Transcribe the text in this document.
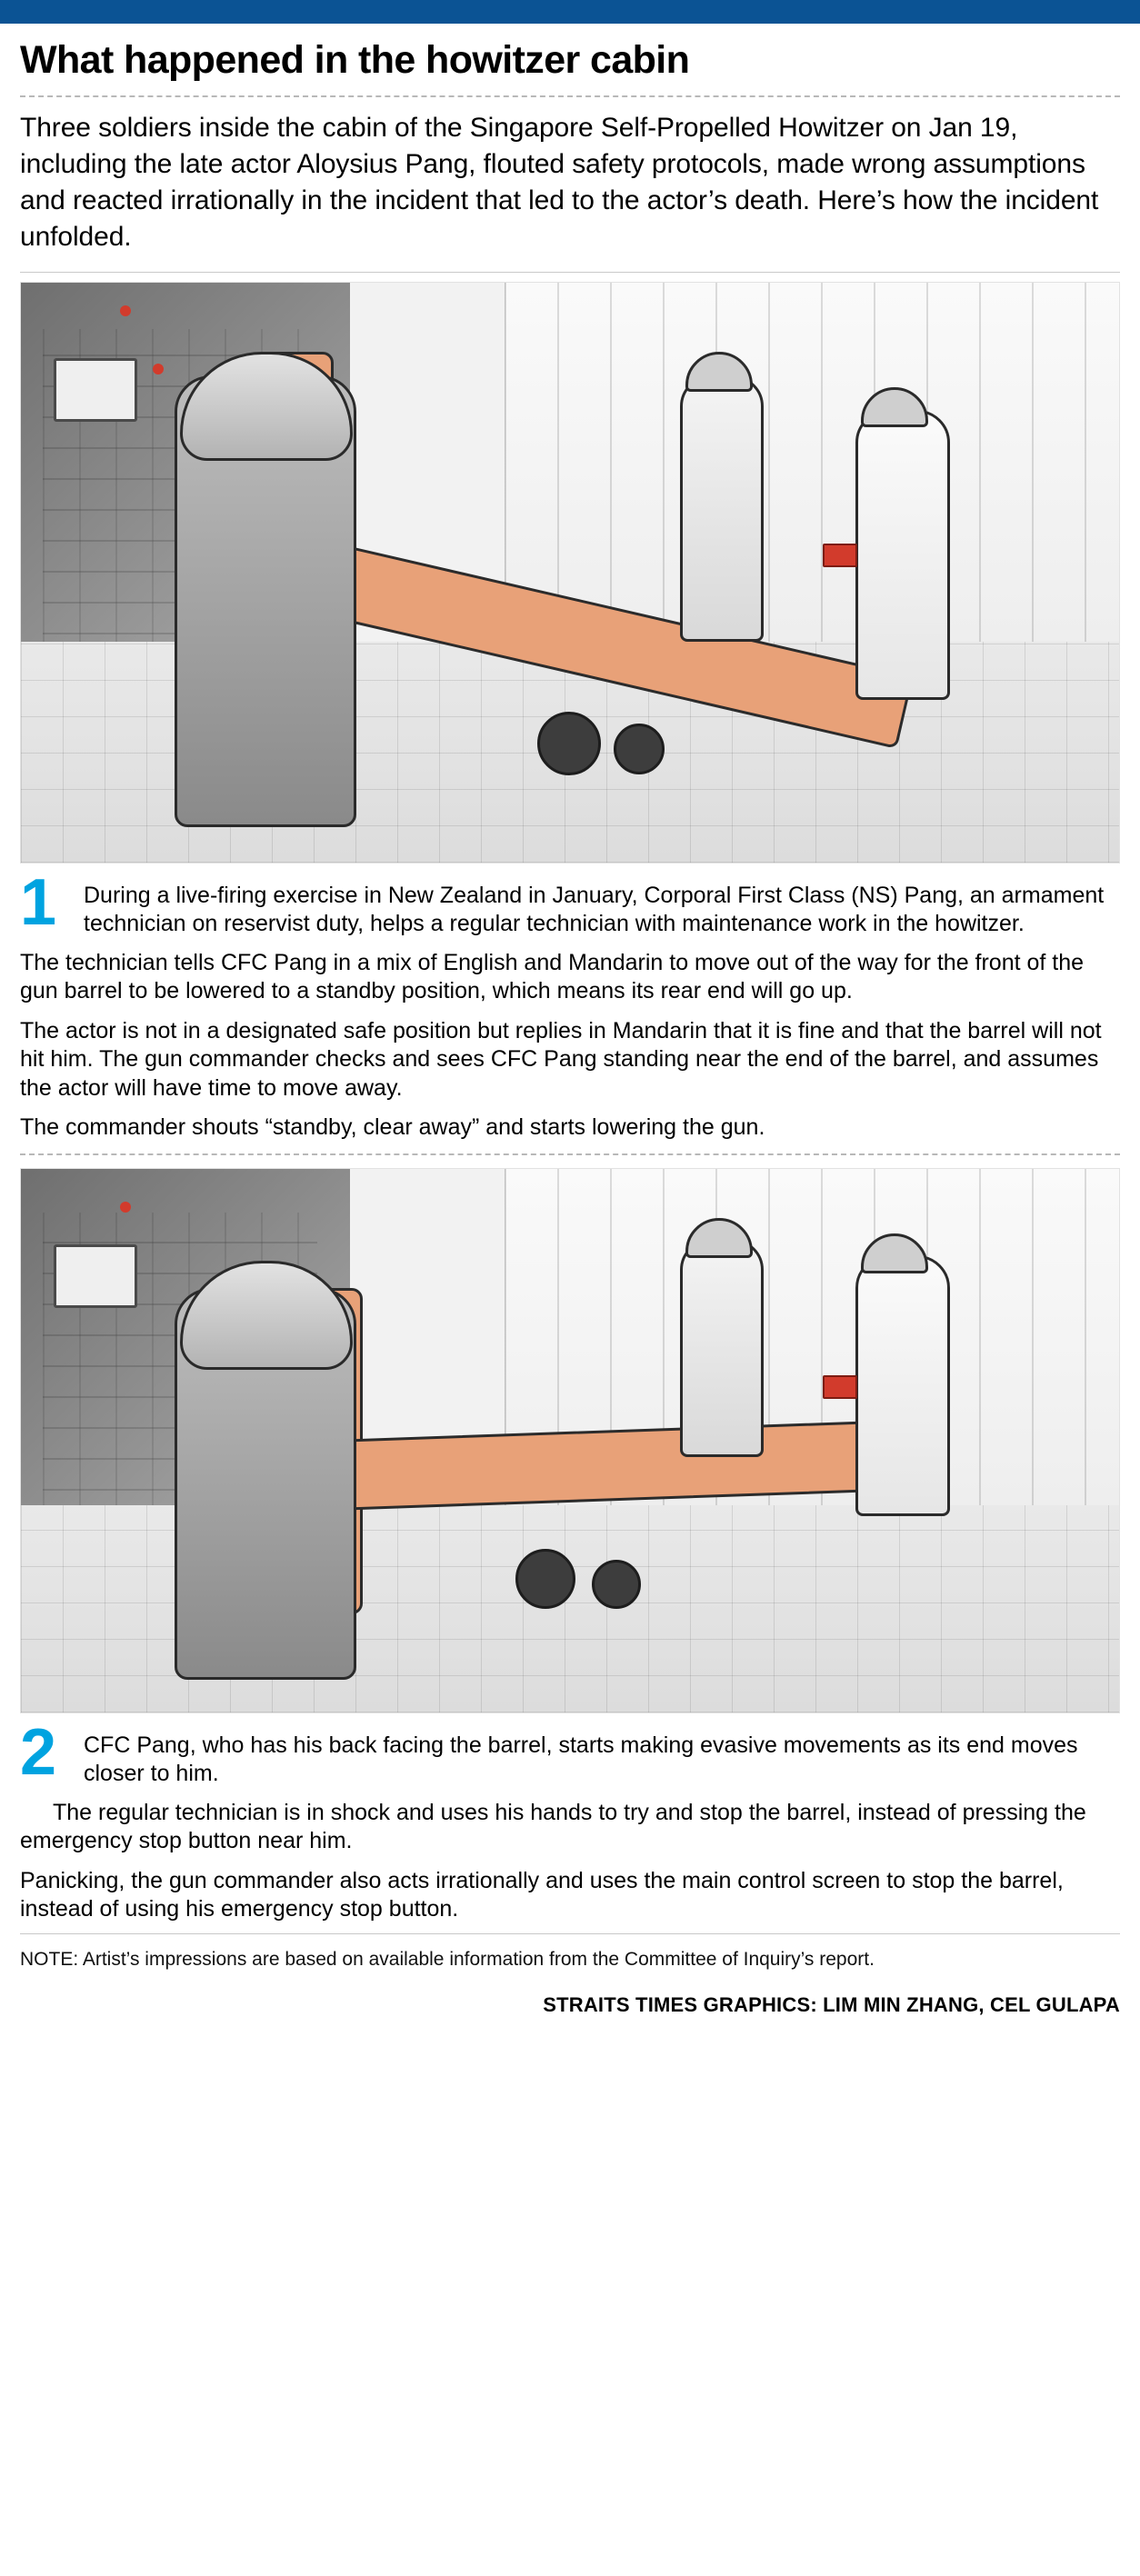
What happened in the howitzer cabin

Three soldiers inside the cabin of the Singapore Self-Propelled Howitzer on Jan 19, including the late actor Aloysius Pang, flouted safety protocols, made wrong assumptions and reacted irrationally in the incident that led to the actor’s death. Here’s how the incident unfolded.

1	During a live-firing exercise in New Zealand in January, Corporal First Class (NS) Pang, an armament technician on reservist duty, helps a regular technician with maintenance work in the howitzer.

The technician tells CFC Pang in a mix of English and Mandarin to move out of the way for the front of the gun barrel to be lowered to a standby position, which means its rear end will go up.

The actor is not in a designated safe position but replies in Mandarin that it is fine and that the barrel will not hit him. The gun commander checks and sees CFC Pang standing near the end of the barrel, and assumes the actor will have time to move away.

The commander shouts “standby, clear away” and starts lowering the gun.

2	CFC Pang, who has his back facing the barrel, starts making evasive movements as its end moves closer to him.

The regular technician is in shock and uses his hands to try and stop the barrel, instead of pressing the emergency stop button near him.

Panicking, the gun commander also acts irrationally and uses the main control screen to stop the barrel, instead of using his emergency stop button.

NOTE: Artist’s impressions are based on available information from the Committee of Inquiry’s report.

STRAITS TIMES GRAPHICS: LIM MIN ZHANG, CEL GULAPA
